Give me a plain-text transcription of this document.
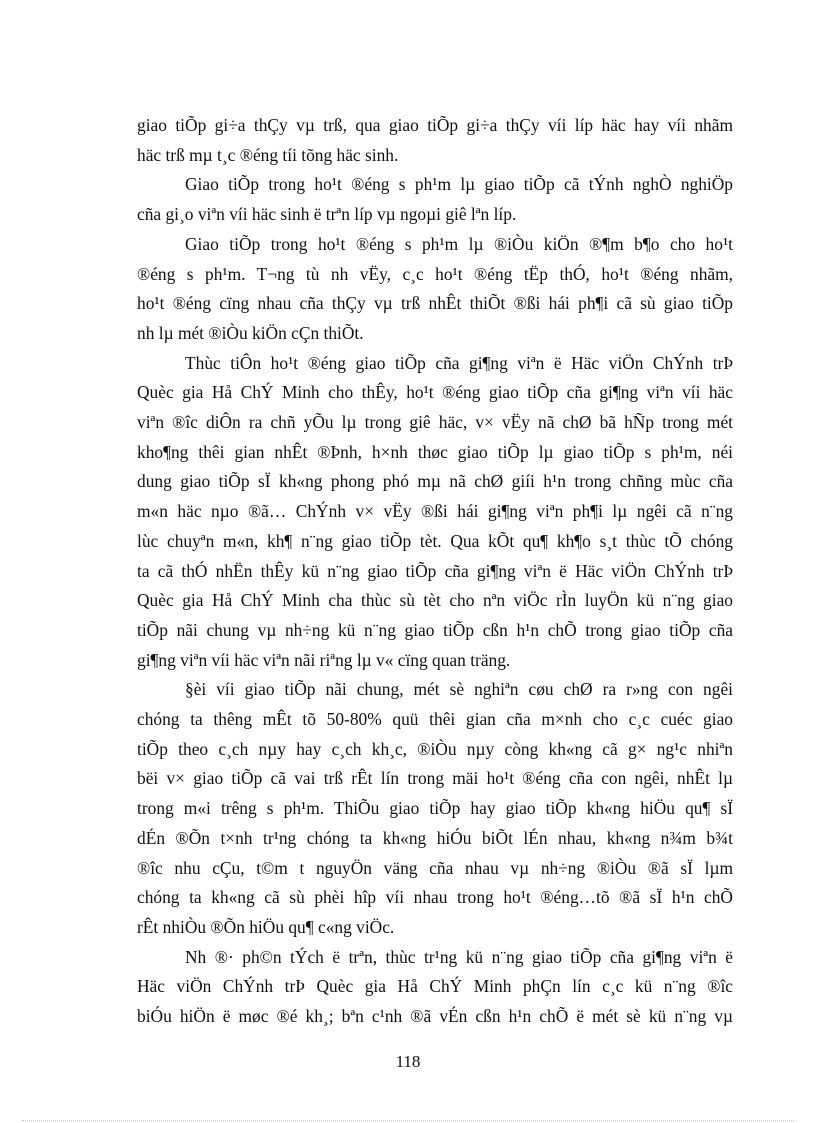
giao tiÕp gi÷a thÇy vµ trß, qua giao tiÕp gi÷a thÇy víi líp häc hay víi nhãm
häc trß mµ t¸c ®éng tíi tõng häc sinh.
Giao tiÕp trong ho¹t ®éng s ph¹m lµ giao tiÕp cã tÝnh nghÒ nghiÖp
cña gi¸o viªn víi häc sinh ë trªn líp vµ ngoµi giê lªn líp.
Giao tiÕp trong ho¹t ®éng s ph¹m lµ ®iÒu kiÖn ®¶m b¶o cho ho¹t
®éng s ph¹m. T¬ng tù nh vËy, c¸c ho¹t ®éng tËp thÓ, ho¹t ®éng nhãm,
ho¹t ®éng cïng nhau cña thÇy vµ trß nhÊt thiÕt ®ßi hái ph¶i cã sù giao tiÕp
nh lµ mét ®iÒu kiÖn cÇn thiÕt.
Thùc tiÔn ho¹t ®éng giao tiÕp cña gi¶ng viªn ë Häc viÖn ChÝnh trÞ
Quèc gia Hå ChÝ Minh cho thÊy, ho¹t ®éng giao tiÕp cña gi¶ng viªn víi häc
viªn ®îc diÔn ra chñ yÕu lµ trong giê häc, v× vËy nã chØ bã hÑp trong mét
kho¶ng thêi gian nhÊt ®Þnh, h×nh thøc giao tiÕp lµ giao tiÕp s ph¹m, néi
dung giao tiÕp sÏ kh«ng phong phó mµ nã chØ giíi h¹n trong chñng mùc cña
m«n häc nµo ®ã… ChÝnh v× vËy ®ßi hái gi¶ng viªn ph¶i lµ ngêi cã n¨ng
lùc chuyªn m«n, kh¶ n¨ng giao tiÕp tèt. Qua kÕt qu¶ kh¶o s¸t thùc tÕ chóng
ta cã thÓ nhËn thÊy kü n¨ng giao tiÕp cña gi¶ng viªn ë Häc viÖn ChÝnh trÞ
Quèc gia Hå ChÝ Minh cha thùc sù tèt cho nªn viÖc rÌn luyÖn kü n¨ng giao
tiÕp nãi chung vµ nh÷ng kü n¨ng giao tiÕp cßn h¹n chÕ trong giao tiÕp cña
gi¶ng viªn víi häc viªn nãi riªng lµ v« cïng quan träng.
§èi víi giao tiÕp nãi chung, mét sè nghiªn cøu chØ ra r»ng con ngêi
chóng ta thêng mÊt tõ 50-80% quü thêi gian cña m×nh cho c¸c cuéc giao
tiÕp theo c¸ch nµy hay c¸ch kh¸c, ®iÒu nµy còng kh«ng cã g× ng¹c nhiªn
bëi v× giao tiÕp cã vai trß rÊt lín trong mäi ho¹t ®éng cña con ngêi, nhÊt lµ
trong m«i trêng s ph¹m. ThiÕu giao tiÕp hay giao tiÕp kh«ng hiÖu qu¶ sÏ
dÉn ®Õn t×nh tr¹ng chóng ta kh«ng hiÓu biÕt lÉn nhau, kh«ng n¾m b¾t
®îc nhu cÇu, t©m t nguyÖn väng cña nhau vµ nh÷ng ®iÒu ®ã sÏ lµm
chóng ta kh«ng cã sù phèi hîp víi nhau trong ho¹t ®éng…tõ ®ã sÏ h¹n chÕ
rÊt nhiÒu ®Õn hiÖu qu¶ c«ng viÖc.
Nh ®· ph©n tÝch ë trªn, thùc tr¹ng kü n¨ng giao tiÕp cña gi¶ng viªn ë
Häc viÖn ChÝnh trÞ Quèc gia Hå ChÝ Minh phÇn lín c¸c kü n¨ng ®îc
biÓu hiÖn ë møc ®é kh¸; bªn c¹nh ®ã vÉn cßn h¹n chÕ ë mét sè kü n¨ng vµ
118
